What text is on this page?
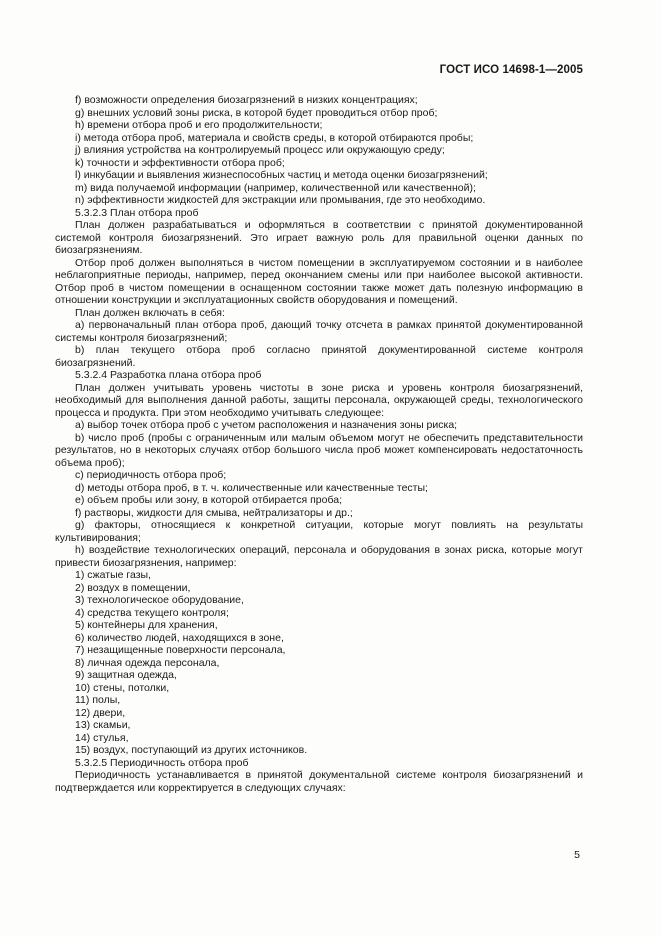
ГОСТ ИСО 14698-1—2005

f) возможности определения биозагрязнений в низких концентрациях;

g) внешних условий зоны риска, в которой будет проводиться отбор проб;

h) времени отбора проб и его продолжительности;

i) метода отбора проб, материала и свойств среды, в которой отбираются пробы;

j) влияния устройства на контролируемый процесс или окружающую среду;

k) точности и эффективности отбора проб;

l) инкубации и выявления жизнеспособных частиц и метода оценки биозагрязнений;

m) вида получаемой информации (например, количественной или качественной);

n) эффективности жидкостей для экстракции или промывания, где это необходимо.

5.3.2.3 План отбора проб

План должен разрабатываться и оформляться в соответствии с принятой документированной системой контроля биозагрязнений. Это играет важную роль для правильной оценки данных по биозагрязнениям.

Отбор проб должен выполняться в чистом помещении в эксплуатируемом состоянии и в наиболее неблагоприятные периоды, например, перед окончанием смены или при наиболее высокой активности. Отбор проб в чистом помещении в оснащенном состоянии также может дать полезную информацию в отношении конструкции и эксплуатационных свойств оборудования и помещений.

План должен включать в себя:

a) первоначальный план отбора проб, дающий точку отсчета в рамках принятой документированной системы контроля биозагрязнений;

b) план текущего отбора проб согласно принятой документированной системе контроля биозагрязнений.

5.3.2.4 Разработка плана отбора проб

План должен учитывать уровень чистоты в зоне риска и уровень контроля биозагрязнений, необходимый для выполнения данной работы, защиты персонала, окружающей среды, технологического процесса и продукта. При этом необходимо учитывать следующее:

a) выбор точек отбора проб с учетом расположения и назначения зоны риска;

b) число проб (пробы с ограниченным или малым объемом могут не обеспечить представительности результатов, но в некоторых случаях отбор большого числа проб может компенсировать недостаточность объема проб);

c) периодичность отбора проб;

d) методы отбора проб, в т. ч. количественные или качественные тесты;

e) объем пробы или зону, в которой отбирается проба;

f) растворы, жидкости для смыва, нейтрализаторы и др.;

g) факторы, относящиеся к конкретной ситуации, которые могут повлиять на результаты культивирования;

h) воздействие технологических операций, персонала и оборудования в зонах риска, которые могут привести биозагрязнения, например:

1) сжатые газы,

2) воздух в помещении,

3) технологическое оборудование,

4) средства текущего контроля;

5) контейнеры для хранения,

6) количество людей, находящихся в зоне,

7) незащищенные поверхности персонала,

8) личная одежда персонала,

9) защитная одежда,

10) стены, потолки,

11) полы,

12) двери,

13) скамьи,

14) стулья,

15) воздух, поступающий из других источников.

5.3.2.5 Периодичность отбора проб

Периодичность устанавливается в принятой документальной системе контроля биозагрязнений и подтверждается или корректируется в следующих случаях:

5
